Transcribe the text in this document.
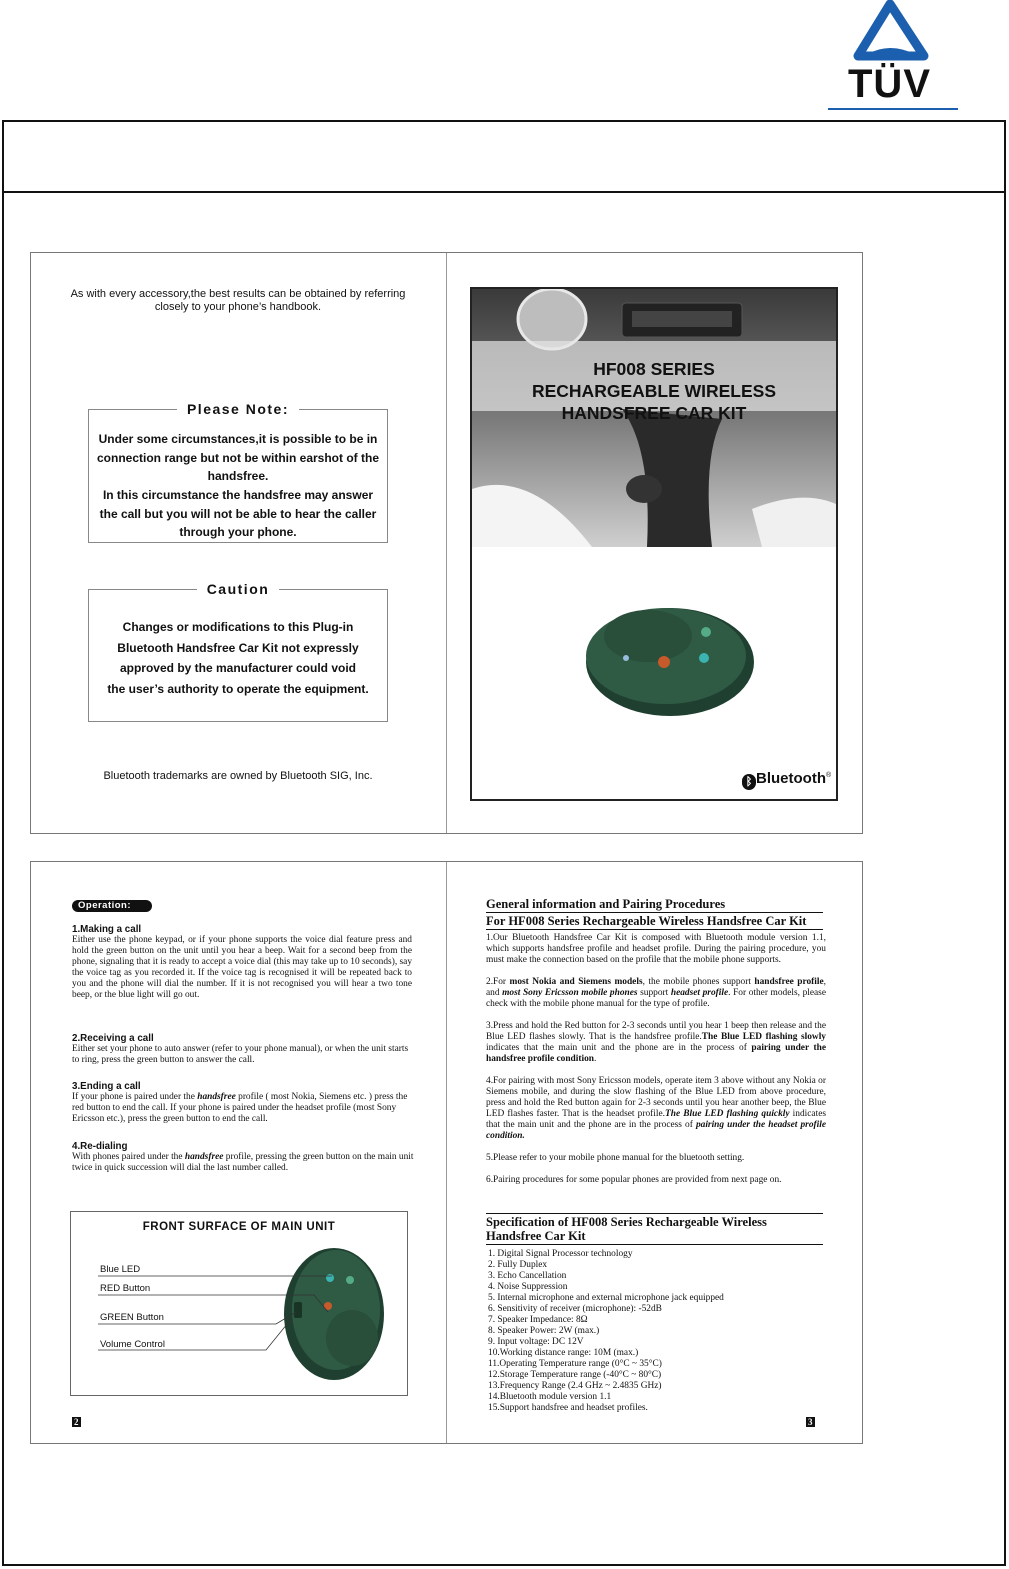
TÜV
As with every accessory,the best results can be obtained by referring closely to your phone’s handbook.
Please Note:
Under some circumstances,it is possible to be in connection range but not be within earshot of the handsfree.
In this circumstance the handsfree may answer the call but you will not be able to hear the caller through your phone.
Caution
Changes or modifications to this Plug-in
Bluetooth Handsfree Car Kit not expressly
approved by the manufacturer could void
the user’s authority to operate the equipment.
Bluetooth trademarks are owned by Bluetooth SIG, Inc.
HF008 SERIES
RECHARGEABLE WIRELESS
HANDSFREE CAR KIT
ᛒ Bluetooth®
Operation:
1.Making a call
Either use the phone keypad, or if your phone supports the voice dial feature press and hold the green button on the unit until you hear a beep. Wait for a second beep from the phone, signaling that it is ready to accept a voice dial (this may take up to 10 seconds), say the voice tag as you recorded it. If the voice tag is recognised it will be repeated back to you and the phone will dial the number. If it is not recognised you will hear a two tone beep, or the blue light will go out.
2.Receiving a call
Either set your phone to auto answer (refer to your phone manual), or when the unit starts to ring, press the green button to answer the call.
3.Ending a call
If your phone is paired under the handsfree profile ( most Nokia, Siemens etc. ) press the red button to end the call. If your phone is paired under the headset profile (most Sony Ericsson etc.), press the green button to end the call.
4.Re-dialing
With phones paired under the handsfree profile, pressing the green button on the main unit twice in quick succession will dial the last number called.
FRONT SURFACE OF MAIN UNIT
Blue LED
RED Button
GREEN Button
Volume Control
2
General information and Pairing Procedures
For HF008 Series Rechargeable Wireless Handsfree Car Kit
1.Our Bluetooth Handsfree Car Kit is composed with Bluetooth module version 1.1, which supports handsfree profile and headset profile. During the pairing procedure, you must make the connection based on the profile that the mobile phone supports.
2.For most Nokia and Siemens models, the mobile phones support handsfree profile, and most Sony Ericsson mobile phones support headset profile. For other models, please check with the mobile phone manual for the type of profile.
3.Press and hold the Red button for 2-3 seconds until you hear 1 beep then release and the Blue LED flashes slowly. That is the handsfree profile.The Blue LED flashing slowly indicates that the main unit and the phone are in the process of pairing under the handsfree profile condition.
4.For pairing with most Sony Ericsson models, operate item 3 above without any Nokia or Siemens mobile, and during the slow flashing of the Blue LED from above procedure, press and hold the Red button again for 2-3 seconds until you hear another beep, the Blue LED flashes faster. That is the headset profile.The Blue LED flashing quickly indicates that the main unit and the phone are in the process of pairing under the headset profile condition.
5.Please refer to your mobile phone manual for the bluetooth setting.
6.Pairing procedures for some popular phones are provided from next page on.
Specification of HF008 Series Rechargeable Wireless
Handsfree Car Kit
1. Digital Signal Processor technology
2. Fully Duplex
3. Echo Cancellation
4. Noise Suppression
5. Internal microphone and external microphone jack equipped
6. Sensitivity of receiver (microphone): -52dB
7. Speaker Impedance: 8Ω
8. Speaker Power: 2W (max.)
9. Input voltage: DC 12V
10.Working distance range: 10M (max.)
11.Operating Temperature range (0°C ~ 35°C)
12.Storage Temperature range (-40°C ~ 80°C)
13.Frequency Range (2.4 GHz ~ 2.4835 GHz)
14.Bluetooth module version 1.1
15.Support handsfree and headset profiles.
3
